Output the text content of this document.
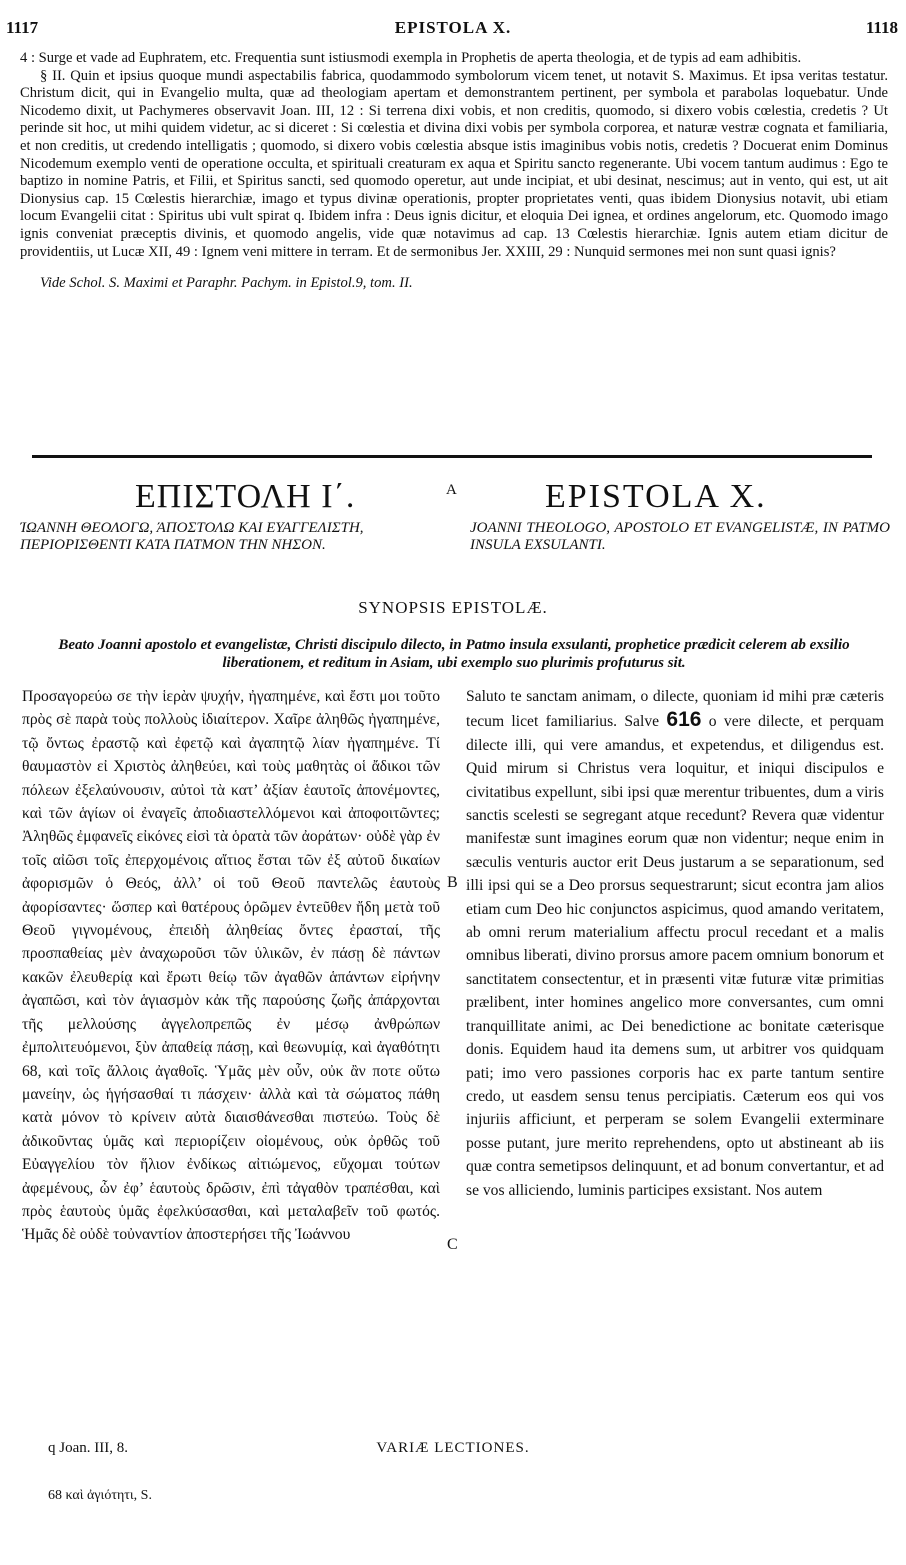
1117	EPISTOLA X.	1118

4 : Surge et vade ad Euphratem, etc. Frequentia sunt istiusmodi exempla in Prophetis de aperta theologia, et de typis ad eam adhibitis.

§ II. Quin et ipsius quoque mundi aspectabilis fabrica, quodammodo symbolorum vicem tenet, ut notavit S. Maximus. Et ipsa veritas testatur. Christum dicit, qui in Evangelio multa, quæ ad theologiam apertam et demonstrantem pertinent, per symbola et parabolas loquebatur. Unde Nicodemo dixit, ut Pachymeres observavit Joan. III, 12 : Si terrena dixi vobis, et non creditis, quomodo, si dixero vobis cœlestia, credetis ? Ut perinde sit hoc, ut mihi quidem videtur, ac si diceret : Si cœlestia et divina dixi vobis per symbola corporea, et naturæ vestræ cognata et familiaria, et non creditis, ut credendo intelligatis ; quomodo, si dixero vobis cœlestia absque istis imaginibus vobis notis, credetis ? Docuerat enim Dominus Nicodemum exemplo venti de operatione occulta, et spirituali creaturam ex aqua et Spiritu sancto regenerante. Ubi vocem tantum audimus : Ego te baptizo in nomine Patris, et Filii, et Spiritus sancti, sed quomodo operetur, aut unde incipiat, et ubi desinat, nescimus; aut in vento, qui est, ut ait Dionysius cap. 15 Cœlestis hierarchiæ, imago et typus divinæ operationis, propter proprietates venti, quas ibidem Dionysius notavit, ubi etiam locum Evangelii citat : Spiritus ubi vult spirat q. Ibidem infra : Deus ignis dicitur, et eloquia Dei ignea, et ordines angelorum, etc. Quomodo imago ignis conveniat præceptis divinis, et quomodo angelis, vide quæ notavimus ad cap. 13 Cœlestis hierarchiæ. Ignis autem etiam dicitur de providentiis, ut Lucæ XII, 49 : Ignem veni mittere in terram. Et de sermonibus Jer. XXIII, 29 : Nunquid sermones mei non sunt quasi ignis?

Vide Schol. S. Maximi et Paraphr. Pachym. in Epistol.9, tom. II.

ΕΠΙΣΤΟΛΗ Ι΄.	A	EPISTOLA X.
ΊΩΑΝΝΗ ΘΕΟΛΟΓΩ, ΆΠΟΣΤΟΛΩ ΚΑΙ ΕΥΑΓΓΕΛΙΣΤΗ, ΠΕΡΙΟΡΙΣΘΕΝΤΙ ΚΑΤΑ ΠΑΤΜΟΝ ΤΗΝ ΝΗΣΟΝ.
JOANNI THEOLOGO, APOSTOLO ET EVANGELISTÆ, IN PATMO INSULA EXSULANTI.
SYNOPSIS EPISTOLÆ.
Beato Joanni apostolo et evangelistæ, Christi discipulo dilecto, in Patmo insula exsulanti, prophetice prædicit celerem ab exsilio liberationem, et reditum in Asiam, ubi exemplo suo plurimis profuturus sit.

Προσαγορεύω σε τὴν ἱερὰν ψυχήν, ἠγαπημένε, καὶ ἔστι μοι τοῦτο πρὸς σὲ παρὰ τοὺς πολλοὺς ἰδιαίτερον. Χαῖρε ἀληθῶς ἠγαπημένε, τῷ ὄντως ἐραστῷ καὶ ἐφετῷ καὶ ἀγαπητῷ λίαν ἠγαπημένε. Τί θαυμαστὸν εἰ Χριστὸς ἀληθεύει, καὶ τοὺς μαθητὰς οἱ ἄδικοι τῶν πόλεων ἐξελαύνουσιν, αὐτοὶ τὰ κατ’ ἀξίαν ἑαυτοῖς ἀπονέμοντες, καὶ τῶν ἁγίων οἱ ἐναγεῖς ἀποδιαστελλόμενοι καὶ ἀποφοιτῶντες; Ἀληθῶς ἐμφανεῖς εἰκόνες εἰσὶ τὰ ὁρατὰ τῶν ἀοράτων· οὐδὲ γὰρ ἐν τοῖς αἰῶσι τοῖς ἐπερχομένοις αἴτιος ἔσται τῶν ἐξ αὐτοῦ δικαίων ἀφορισμῶν ὁ Θεός, ἀλλ’ οἱ τοῦ Θεοῦ παντελῶς ἑαυτοὺς ἀφορίσαντες· ὥσπερ καὶ θατέρους ὁρῶμεν ἐντεῦθεν ἤδη μετὰ τοῦ Θεοῦ γιγνομένους, ἐπειδὴ ἀληθείας ὄντες ἐρασταί, τῆς προσπαθείας μὲν ἀναχωροῦσι τῶν ὑλικῶν, ἐν πάσῃ δὲ πάντων κακῶν ἐλευθερίᾳ καὶ ἔρωτι θείῳ τῶν ἀγαθῶν ἁπάντων εἰρήνην ἀγαπῶσι, καὶ τὸν ἁγιασμὸν κἀκ τῆς παρούσης ζωῆς ἀπάρχονται τῆς μελλούσης ἀγγελοπρεπῶς ἐν μέσῳ ἀνθρώπων ἐμπολιτευόμενοι, ξὺν ἀπαθείᾳ πάσῃ, καὶ θεωνυμίᾳ, καὶ ἀγαθότητι 68, καὶ τοῖς ἄλλοις ἀγαθοῖς. Ὑμᾶς μὲν οὖν, οὐκ ἂν ποτε οὕτω μανείην, ὡς ἡγήσασθαί τι πάσχειν· ἀλλὰ καὶ τὰ σώματος πάθη κατὰ μόνον τὸ κρίνειν αὐτὰ διαισθάνεσθαι πιστεύω. Τοὺς δὲ ἀδικοῦντας ὑμᾶς καὶ περιορίζειν οἰομένους, οὐκ ὀρθῶς τοῦ Εὐαγγελίου τὸν ἥλιον ἐνδίκως αἰτιώμενος, εὔχομαι τούτων ἀφεμένους, ὧν ἐφ’ ἑαυτοὺς δρῶσιν, ἐπὶ τἀγαθὸν τραπέσθαι, καὶ πρὸς ἑαυτοὺς ὑμᾶς ἐφελκύσασθαι, καὶ μεταλαβεῖν τοῦ φωτός. Ἡμᾶς δὲ οὐδὲ τοὐναντίον ἀποστερήσει τῆς Ἰωάννου

B
C

Saluto te sanctam animam, o dilecte, quoniam id mihi præ cæteris tecum licet familiarius. Salve 616 o vere dilecte, et perquam dilecte illi, qui vere amandus, et expetendus, et diligendus est. Quid mirum si Christus vera loquitur, et iniqui discipulos e civitatibus expellunt, sibi ipsi quæ merentur tribuentes, dum a viris sanctis scelesti se segregant atque recedunt? Revera quæ videntur manifestæ sunt imagines eorum quæ non videntur; neque enim in sæculis venturis auctor erit Deus justarum a se separationum, sed illi ipsi qui se a Deo prorsus sequestrarunt; sicut econtra jam alios etiam cum Deo hic conjunctos aspicimus, quod amando veritatem, ab omni rerum materialium affectu procul recedant et a malis omnibus liberati, divino prorsus amore pacem omnium bonorum et sanctitatem consectentur, et in præsenti vitæ futuræ vitæ primitias prælibent, inter homines angelico more conversantes, cum omni tranquillitate animi, ac Dei benedictione ac bonitate cæterisque donis. Equidem haud ita demens sum, ut arbitrer vos quidquam pati; imo vero passiones corporis hac ex parte tantum sentire credo, ut easdem sensu tenus percipiatis. Cæterum eos qui vos injuriis afficiunt, et perperam se solem Evangelii exterminare posse putant, jure merito reprehendens, opto ut abstineant ab iis quæ contra semetipsos delinquunt, et ad bonum convertantur, et ad se vos alliciendo, luminis participes exsistant. Nos autem

q Joan. III, 8.	VARIÆ LECTIONES.
68 καὶ ἀγιότητι, S.
